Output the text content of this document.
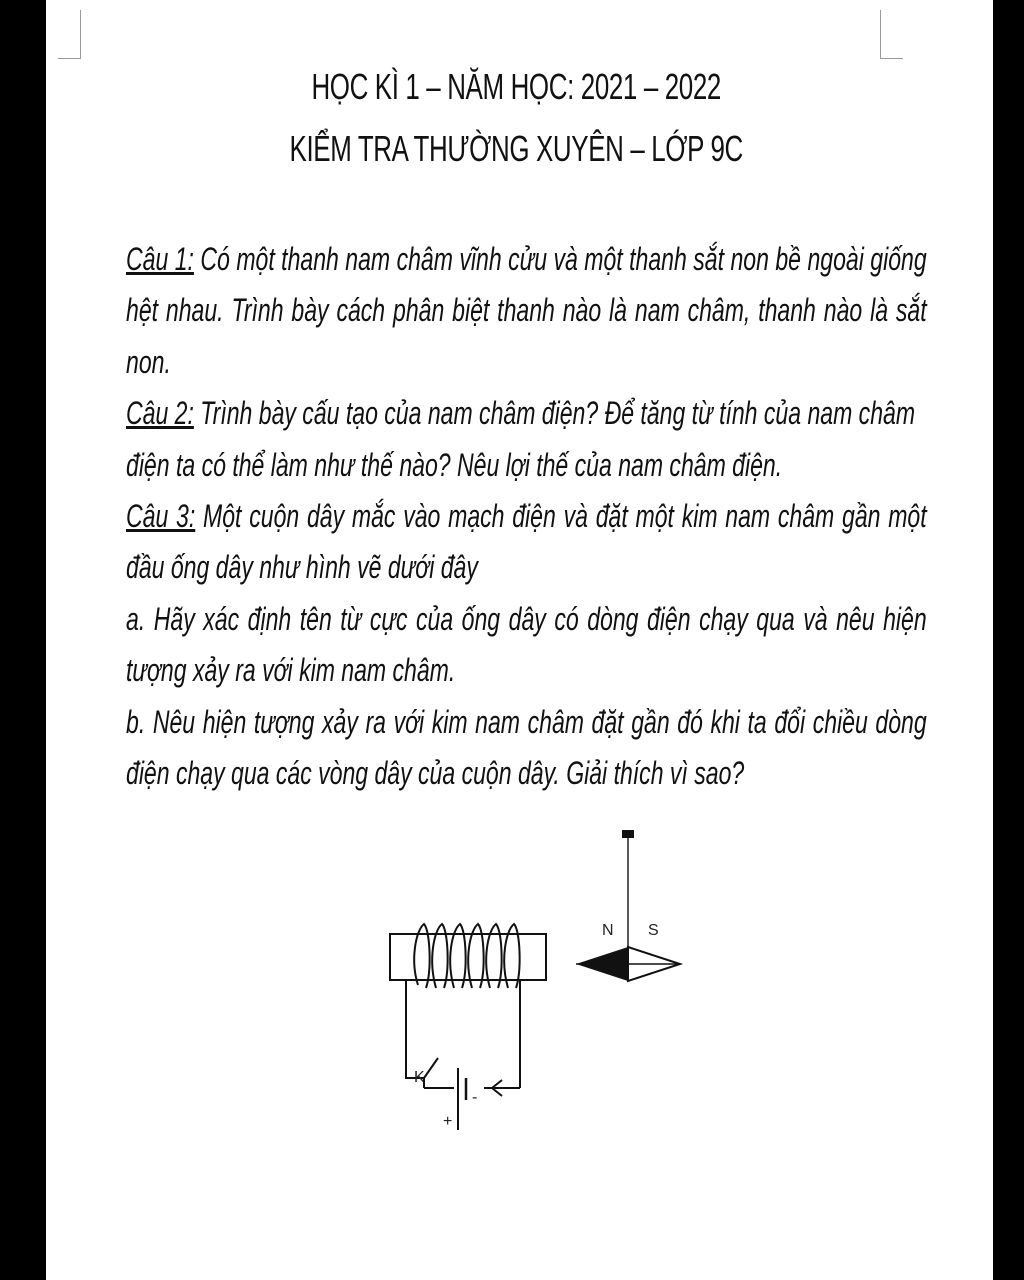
HỌC KÌ 1 – NĂM HỌC: 2021 – 2022
KIỂM TRA THƯỜNG XUYÊN – LỚP 9C

Câu 1: Có một thanh nam châm vĩnh cửu và một thanh sắt non bề ngoài giống hệt nhau. Trình bày cách phân biệt thanh nào là nam châm, thanh nào là sắt non.

Câu 2: Trình bày cấu tạo của nam châm điện? Để tăng từ tính của nam châm điện ta có thể làm như thế nào? Nêu lợi thế của nam châm điện.

Câu 3: Một cuộn dây mắc vào mạch điện và đặt một kim nam châm gần một đầu ống dây như hình vẽ dưới đây

a. Hãy xác định tên từ cực của ống dây có dòng điện chạy qua và nêu hiện tượng xảy ra với kim nam châm.

b. Nêu hiện tượng xảy ra với kim nam châm đặt gần đó khi ta đổi chiều dòng điện chạy qua các vòng dây của cuộn dây. Giải thích vì sao?

N S
K
+
-
